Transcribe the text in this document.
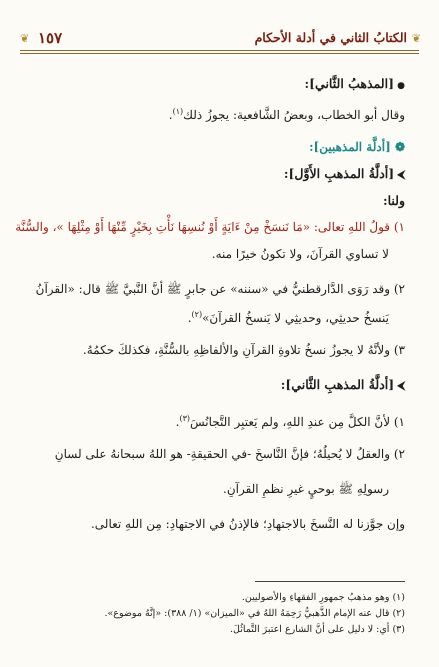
❦
الكتابُ الثاني في أدلة الأحكام
١٥٧
❦
● [المذهبُ الثَّاني]:
وقال أبو الخطاب، وبعضُ الشَّافعية: يجوزُ ذلك$^{(١)}$.
❁ [أدلَّة المذهبين]:
⮜[أدلَّةُ المذهبِ الأَوَّل]:
ولنا:
١) قولُ اللهِ تعالى: «مَا نَنسَخْ مِنْ ءَايَةٍ أَوْ نُنسِهَا نَأْتِ بِخَيْرٍ مِّنْهَا أَوْ مِثْلِهَا »، والسُّنَّة
لا تساوي القرآنَ، ولا تكونُ خيرًا منه.
٢) وقد رَوَى الدَّارقطنيُّ في «سننه» عن جابرٍ ﷺ أنَّ النَّبيَّ ﷺ قال: «القرآنُ
يَنسخُ حديثِي، وحديثِي لا يَنسخُ القرآنَ»$^{(٢)}$.
٣) ولأنَّهُ لا يجوزُ نسخُ تلاوةِ القرآنِ والألفاظِهِ بالسُّنَّةِ، فكذلكَ حكمُهُ.
⮜[أدلَّةُ المذهبِ الثَّاني]:
١) لأنَّ الكلَّ مِن عندِ اللهِ، ولم يَعتبِر التَّجانُسَ$^{(٣)}$.
٢) والعقلُ لا يُحيلُهُ؛ فإنَّ النَّاسخَ -في الحقيقةِ- هو اللهُ سبحانهُ على لسانِ
رسولِهِ ﷺ بوحيٍ غيرِ نظمِ القرآنِ.
وإن جوَّزنا له النَّسخَ بالاجتهادِ؛ فالإذنُ في الاجتهادِ: مِن اللهِ تعالى.
(١) وهو مذهبُ جمهورِ الفقهاءِ والأصوليين.
(٢) قال عنه الإمام الذَّهبيُّ رَحِمَهُ اللهُ في «الميزان» (١/ ٣٨٨): «إنَّهُ موضوع».
(٣) أي: لا دليل على أنَّ الشارع اعتبرَ التَّماثُلَ.
